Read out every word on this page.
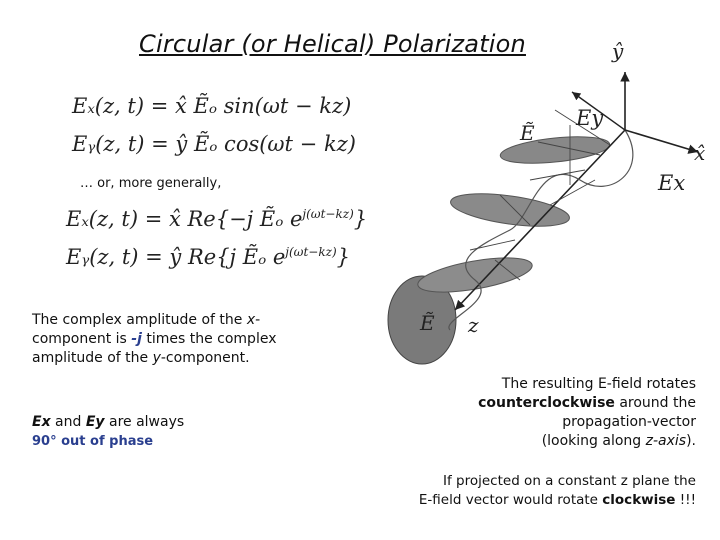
Circular (or Helical) Polarization
Eₓ(z, t) = x̂ Ẽₒ sin(ωt − kz)
Eᵧ(z, t) = ŷ Ẽₒ cos(ωt − kz)
… or, more generally,
Eₓ(z, t) = x̂ Re{−j Ẽₒ $e^{j(\omega t-kz)}$}
Eᵧ(z, t) = ŷ Re{j Ẽₒ $e^{j(\omega t-kz)}$}
The complex amplitude of the x-component is -j times the complex amplitude of the y-component.
Ex and Ey are always
90° out of phase
The resulting E-field rotates
counterclockwise around the
propagation-vector
(looking along z-axis).
If projected on a constant z plane the
E-field vector would rotate clockwise !!!
ŷ
x̂
Ẽ
Ey
Ex
Ẽ z
